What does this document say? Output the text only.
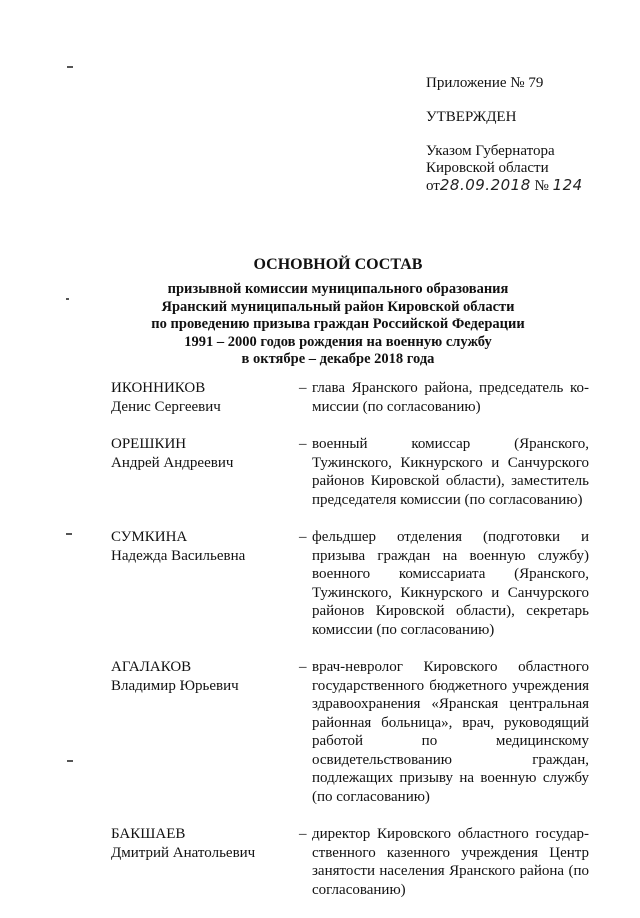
Приложение № 79
УТВЕРЖДЕН
Указом Губернатора
Кировской области
от28.09.2018 № 124
ОСНОВНОЙ СОСТАВ
призывной комиссии муниципального образования
Яранский муниципальный район Кировской области
по проведению призыва граждан Российской Федерации
1991 – 2000 годов рождения на военную службу
в октябре – декабре 2018 года
ИКОННИКОВ
Денис Сергеевич
– глава Яранского района, председатель комиссии (по согласованию)
ОРЕШКИН
Андрей Андреевич
– военный комиссар (Яранского, Тужинского, Кикнурского и Санчурского районов Кировской области), заместитель председателя комиссии (по согласованию)
СУМКИНА
Надежда Васильевна
– фельдшер отделения (подготовки и призыва граждан на военную службу) военного комиссариата (Яранского, Тужинского, Кикнурского и Санчурского районов Кировской области), секретарь комиссии (по согласованию)
АГАЛАКОВ
Владимир Юрьевич
– врач-невролог Кировского областного государственного бюджетного учреждения здравоохранения «Яранская центральная районная больница», врач, руководящий работой по медицинскому освидетельствованию граждан, подлежащих призыву на военную службу (по согласованию)
БАКШАЕВ
Дмитрий Анатольевич
– директор Кировского областного государственного казенного учреждения Центр занятости населения Яранского района (по согласованию)
